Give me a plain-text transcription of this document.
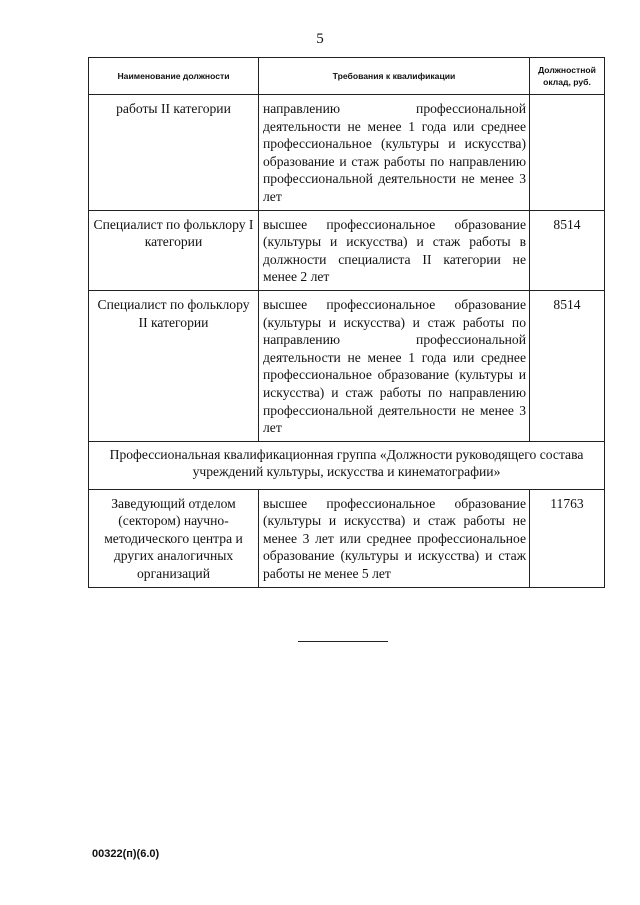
5
Наименование должности	Требования к квалификации	Должностной оклад, руб.
работы II категории	направлению профессиональной деятельности не менее 1 года или среднее профессиональное (культуры и искусства) образование и стаж работы по направлению профессиональной деятельности не менее 3 лет	
Специалист по фольклору I категории	высшее профессиональное образование (культуры и искусства) и стаж работы в должности специалиста II категории не менее 2 лет	8514
Специалист по фольклору II категории	высшее профессиональное образование (культуры и искусства) и стаж работы по направлению профессиональной деятельности не менее 1 года или среднее профессиональное образование (культуры и искусства) и стаж работы по направлению профессиональной деятельности не менее 3 лет	8514
Профессиональная квалификационная группа «Должности руководящего состава учреждений культуры, искусства и кинематографии»		
Заведующий отделом (сектором) научно-методического центра и других аналогичных организаций	высшее профессиональное образование (культуры и искусства) и стаж работы не менее 3 лет или среднее профессиональное образование (культуры и искусства) и стаж работы не менее 5 лет	11763
00322(п)(6.0)
